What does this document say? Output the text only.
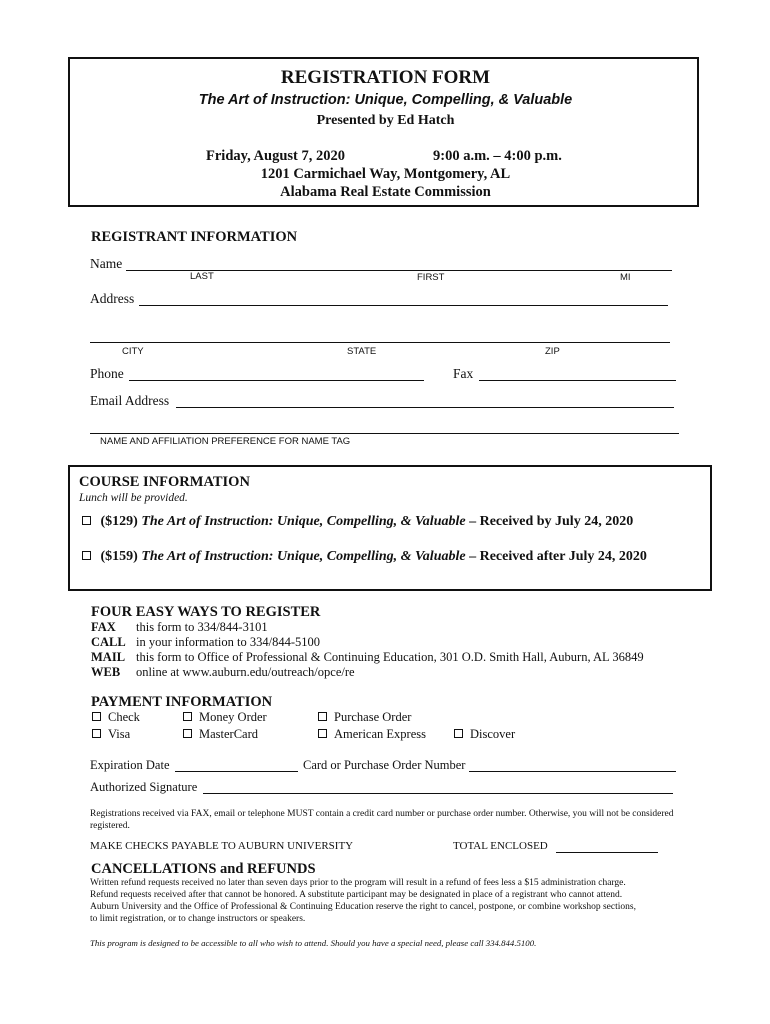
REGISTRATION FORM
The Art of Instruction: Unique, Compelling, & Valuable
Presented by Ed Hatch
Friday, August 7, 2020	9:00 a.m. – 4:00 p.m.
1201 Carmichael Way, Montgomery, AL
Alabama Real Estate Commission
REGISTRANT INFORMATION
Name
LAST	FIRST	MI
Address
CITY	STATE	ZIP
Phone	Fax
Email Address
NAME AND AFFILIATION PREFERENCE FOR NAME TAG
COURSE INFORMATION
Lunch will be provided.
($129) The Art of Instruction: Unique, Compelling, & Valuable – Received by July 24, 2020
($159) The Art of Instruction: Unique, Compelling, & Valuable – Received after July 24, 2020
FOUR EASY WAYS TO REGISTER
FAX this form to 334/844-3101
CALL in your information to 334/844-5100
MAIL this form to Office of Professional & Continuing Education, 301 O.D. Smith Hall, Auburn, AL 36849
WEB online at www.auburn.edu/outreach/opce/re
PAYMENT INFORMATION
Check	Money Order	Purchase Order
Visa	MasterCard	American Express	Discover
Expiration Date	Card or Purchase Order Number
Authorized Signature
Registrations received via FAX, email or telephone MUST contain a credit card number or purchase order number. Otherwise, you will not be considered registered.
MAKE CHECKS PAYABLE TO AUBURN UNIVERSITY	TOTAL ENCLOSED
CANCELLATIONS and REFUNDS
Written refund requests received no later than seven days prior to the program will result in a refund of fees less a $15 administration charge.
Refund requests received after that cannot be honored. A substitute participant may be designated in place of a registrant who cannot attend.
Auburn University and the Office of Professional & Continuing Education reserve the right to cancel, postpone, or combine workshop sections,
to limit registration, or to change instructors or speakers.
This program is designed to be accessible to all who wish to attend. Should you have a special need, please call 334.844.5100.
